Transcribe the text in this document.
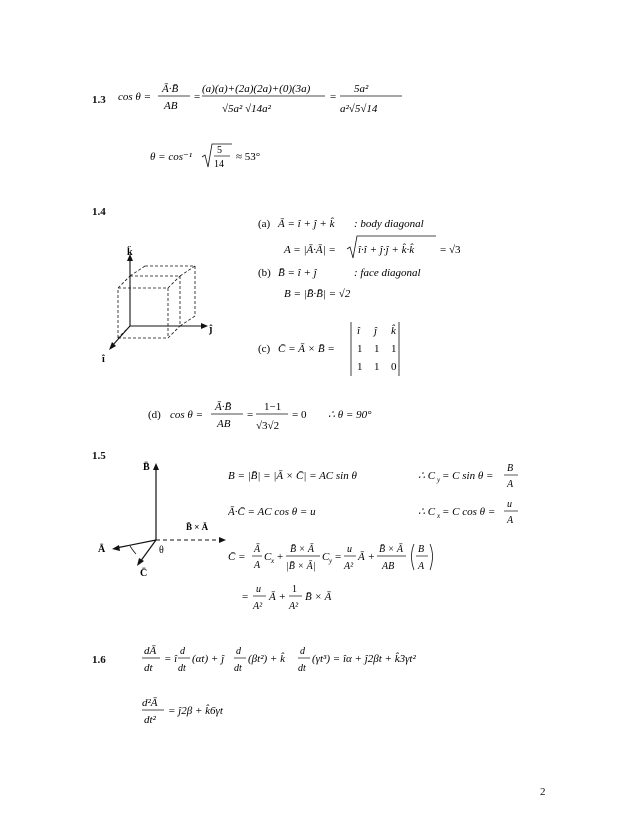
1.3 cos θ =
Ā·B̄
AB
=
(a)(a)+(2a)(2a)+(0)(3a)
√5a² √14a²
=
5a²
a²√5√14
θ = cos⁻¹
5
14
≈ 53°
1.4
k̂
ĵ
î
(a) Ā = î + ĵ + k̂ : body diagonal
A = |Ā·Ā| = î·î + ĵ·ĵ + k̂·k̂ = √3
(b) B̄ = î + ĵ	: face diagonal
B = |B̄·B̄| = √2
(c) C̄ = Ā × B̄ =
î ĵ k̂
1 1 1
1 1 0
(d) cos θ =
Ā·B̄
AB
=
1−1
√3√2
= 0 ∴ θ = 90°
1.5
B̄
B̄ × Ā
Ā	θ
C̄
B = |B̄| = |Ā × C̄| = AC sin θ	∴ C y = C sin θ =
B
A
Ā·C̄ = AC cos θ = u	∴ C x = C cos θ =
u
A
C̄ =
Ā
A
C x +
B̄ × Ā
|B̄ × Ā|
C y =
u
A²
Ā +
B̄ × Ā
AB
B
A
=
u
A²
Ā +
1
A²
B̄ × Ā
1.6
dĀ
dt
= î
d
dt
(αt) + ĵ
d
dt
(βt²) + k̂
d
dt
(γt³) = îα + ĵ2βt + k̂3γt²
d²Ā
dt²
= ĵ2β + k̂6γt
2
